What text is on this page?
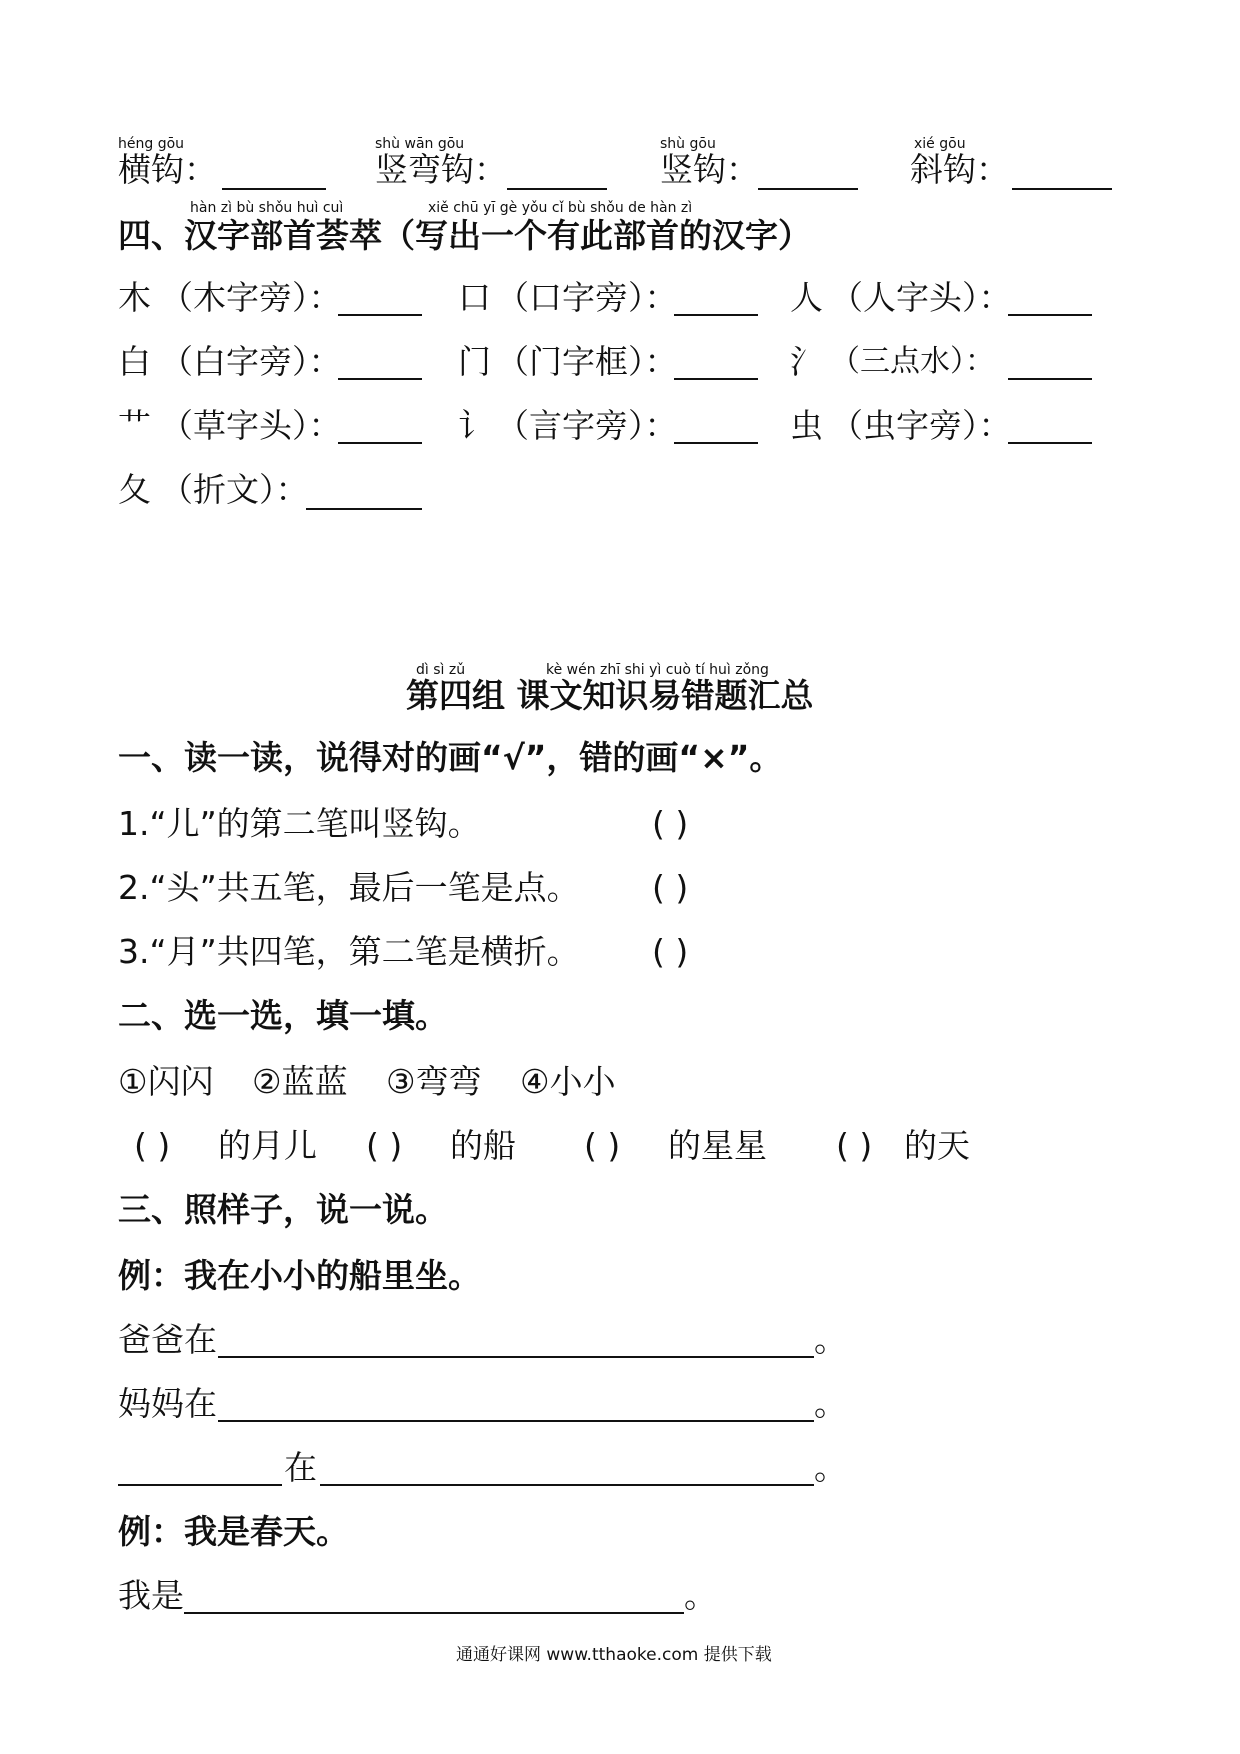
héng gōu
横钩：
shù wān gōu
竖弯钩：
shù gōu
竖钩：
xié gōu
斜钩：
hàn zì bù shǒu huì cuì	xiě chū yī gè yǒu cǐ bù shǒu de hàn zì
四、汉字部首荟萃（写出一个有此部首的汉字）
木 （木字旁）：	口 （口字旁）：	人 （人字头）：
白 （白字旁）：	门 （门字框）：	氵 （三点水）：
艹 （草字头）：	讠 （言字旁）：	虫 （虫字旁）：
夂 （折文）：
dì sì zǔ	kè wén zhī shi yì cuò tí huì zǒng
第四组 课文知识易错题汇总
一、读一读，说得对的画“√”，错的画“×”。
1.“儿”的第二笔叫竖钩。	( )
2.“头”共五笔，最后一笔是点。 ( )
3.“月”共四笔，第二笔是横折。 ( )
二、选一选，填一填。
①闪闪 ②蓝蓝 ③弯弯 ④小小
( ) 的月儿 ( ) 的船 ( ) 的星星 ( ) 的天
三、照样子，说一说。
例：我在小小的船里坐。
爸爸在	。
妈妈在	。
在	。
例：我是春天。
我是	。
通通好课网 www.tthaoke.com 提供下载
